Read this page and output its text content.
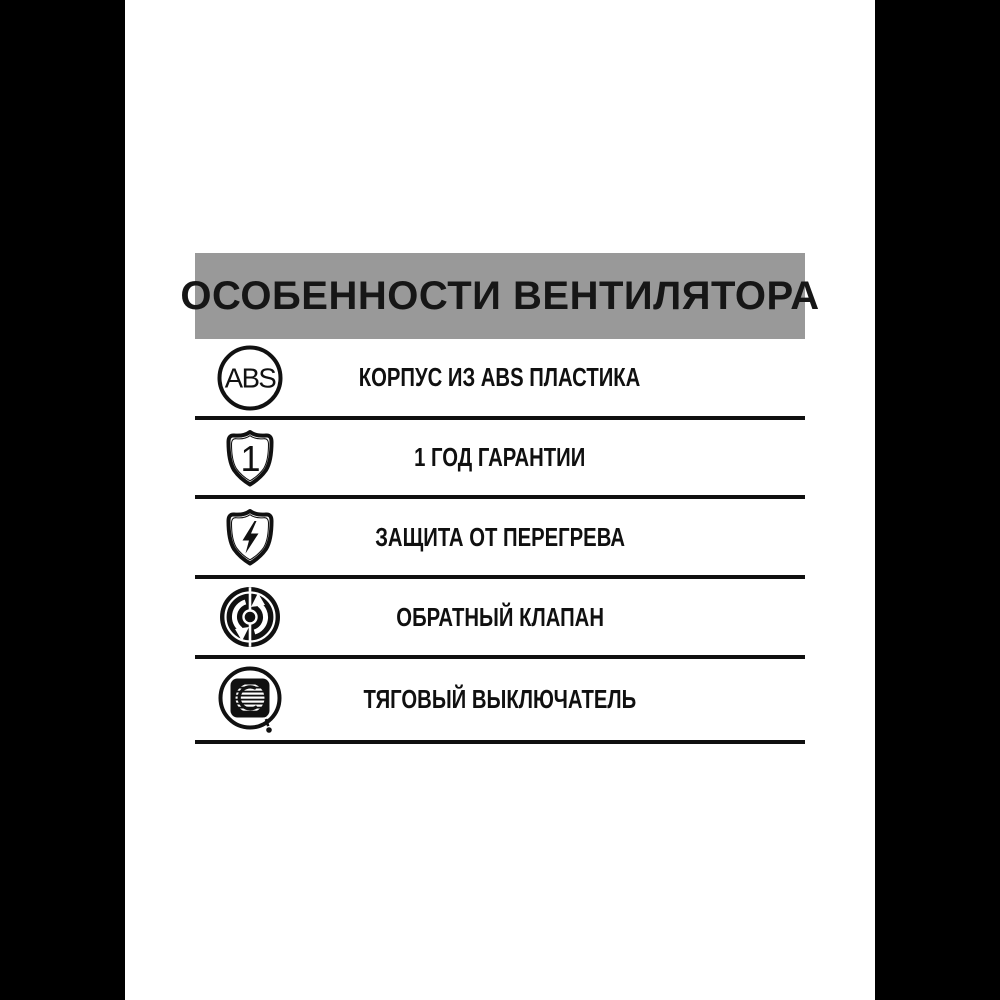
ОСОБЕННОСТИ ВЕНТИЛЯТОРА
ABS	КОРПУС ИЗ ABS ПЛАСТИКА
1	1 ГОД ГАРАНТИИ
ЗАЩИТА ОТ ПЕРЕГРЕВА
ОБРАТНЫЙ КЛАПАН
ТЯГОВЫЙ ВЫКЛЮЧАТЕЛЬ
